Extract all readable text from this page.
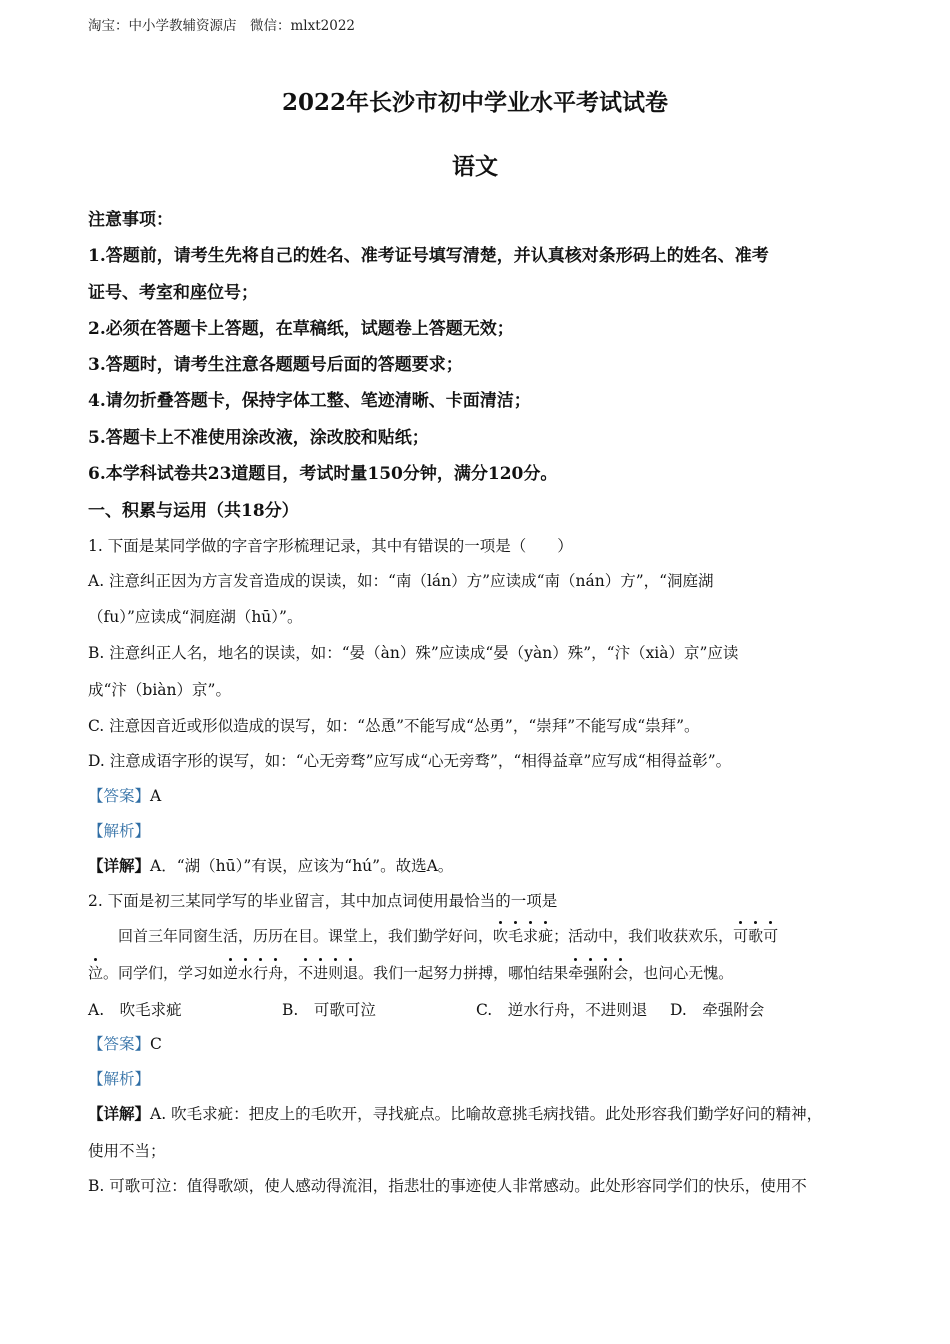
淘宝：中小学教辅资源店　微信：mlxt2022
2022年长沙市初中学业水平考试试卷
语文
注意事项：
1.答题前，请考生先将自己的姓名、准考证号填写清楚，并认真核对条形码上的姓名、准考
证号、考室和座位号；
2.必须在答题卡上答题，在草稿纸，试题卷上答题无效；
3.答题时，请考生注意各题题号后面的答题要求；
4.请勿折叠答题卡，保持字体工整、笔迹清晰、卡面清洁；
5.答题卡上不准使用涂改液，涂改胶和贴纸；
6.本学科试卷共23道题目，考试时量150分钟，满分120分。
一、积累与运用（共18分）
1. 下面是某同学做的字音字形梳理记录，其中有错误的一项是（　　）
A. 注意纠正因为方言发音造成的误读，如：“南（lán）方”应读成“南（nán）方”，“洞庭湖
（fu）”应读成“洞庭湖（hū）”。
B. 注意纠正人名，地名的误读，如：“晏（àn）殊”应读成“晏（yàn）殊”，“汴（xià）京”应读
成“汴（biàn）京”。
C. 注意因音近或形似造成的误写，如：“怂恿”不能写成“怂勇”，“崇拜”不能写成“祟拜”。
D. 注意成语字形的误写，如：“心无旁骛”应写成“心无旁骛”，“相得益章”应写成“相得益彰”。
【答案】A
【解析】
【详解】A．“湖（hū）”有误，应该为“hú”。故选A。
2. 下面是初三某同学写的毕业留言，其中加点词使用最恰当的一项是
　　回首三年同窗生活，历历在目。课堂上，我们勤学好问，吹毛求疵；活动中，我们收获欢乐，可歌可
泣。同学们，学习如逆水行舟，不进则退。我们一起努力拼搏，哪怕结果牵强附会，也问心无愧。
A.　吹毛求疵	B.　可歌可泣	C.　逆水行舟，不进则退 D.　牵强附会
【答案】C
【解析】
【详解】A. 吹毛求疵：把皮上的毛吹开，寻找疵点。比喻故意挑毛病找错。此处形容我们勤学好问的精神，
使用不当；
B. 可歌可泣：值得歌颂，使人感动得流泪，指悲壮的事迹使人非常感动。此处形容同学们的快乐，使用不
